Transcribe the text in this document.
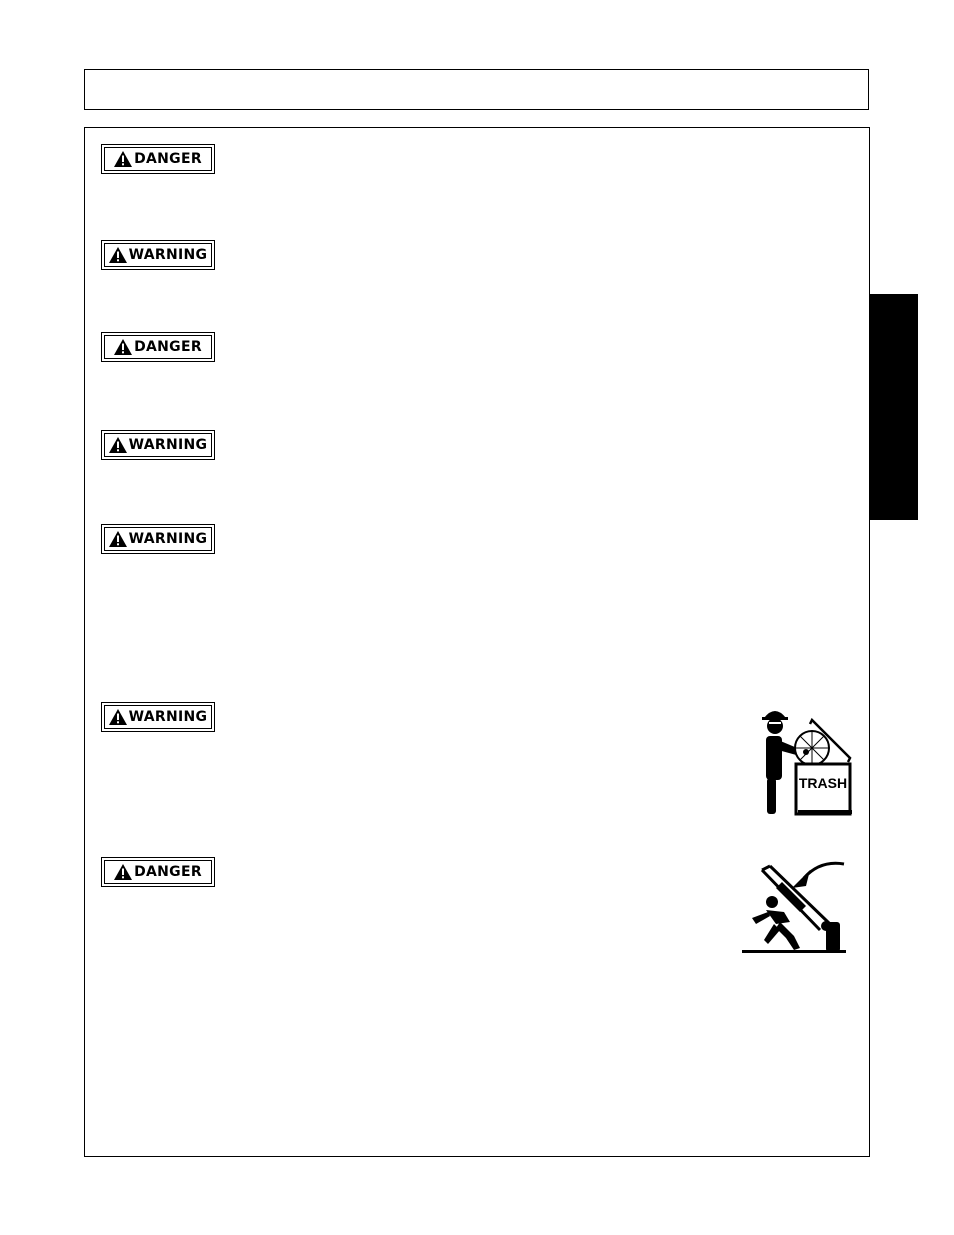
DANGER
WARNING
DANGER
WARNING
WARNING
WARNING
DANGER
TRASH
